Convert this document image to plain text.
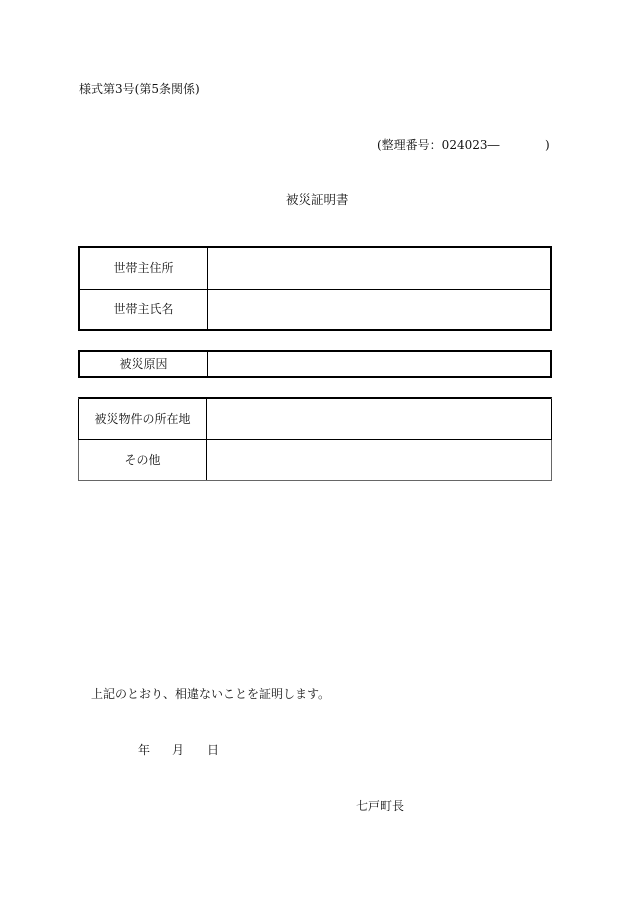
様式第3号(第5条関係)
(整理番号：024023―	)
被災証明書
世帯主住所
世帯主氏名
被災原因
被災物件の 所在地
その他
上記のとおり、相違ないことを証明します。
年 月 日
七戸町長
